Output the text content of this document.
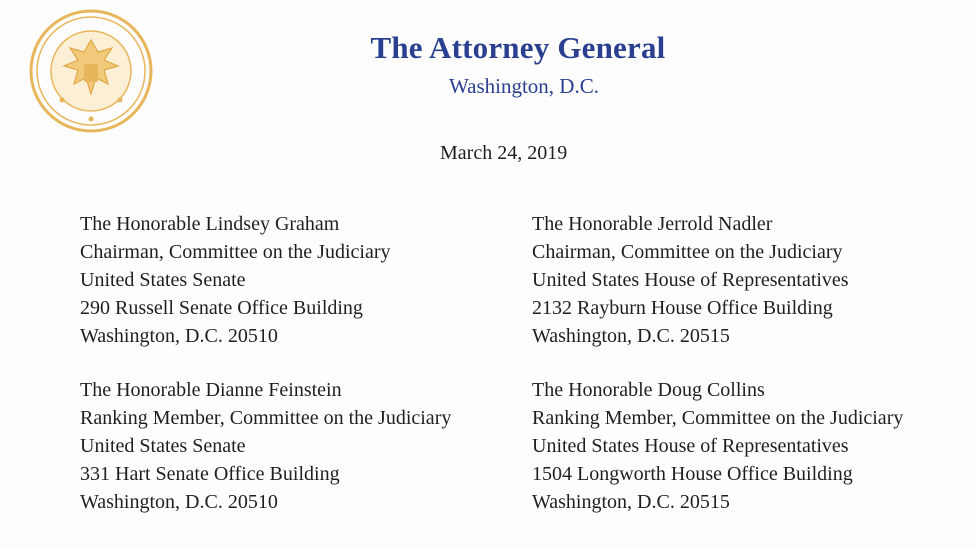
The Attorney General
Washington, D.C.
March 24, 2019
The Honorable Lindsey Graham
Chairman, Committee on the Judiciary
United States Senate
290 Russell Senate Office Building
Washington, D.C. 20510
The Honorable Jerrold Nadler
Chairman, Committee on the Judiciary
United States House of Representatives
2132 Rayburn House Office Building
Washington, D.C. 20515
The Honorable Dianne Feinstein
Ranking Member, Committee on the Judiciary
United States Senate
331 Hart Senate Office Building
Washington, D.C. 20510
The Honorable Doug Collins
Ranking Member, Committee on the Judiciary
United States House of Representatives
1504 Longworth House Office Building
Washington, D.C. 20515
